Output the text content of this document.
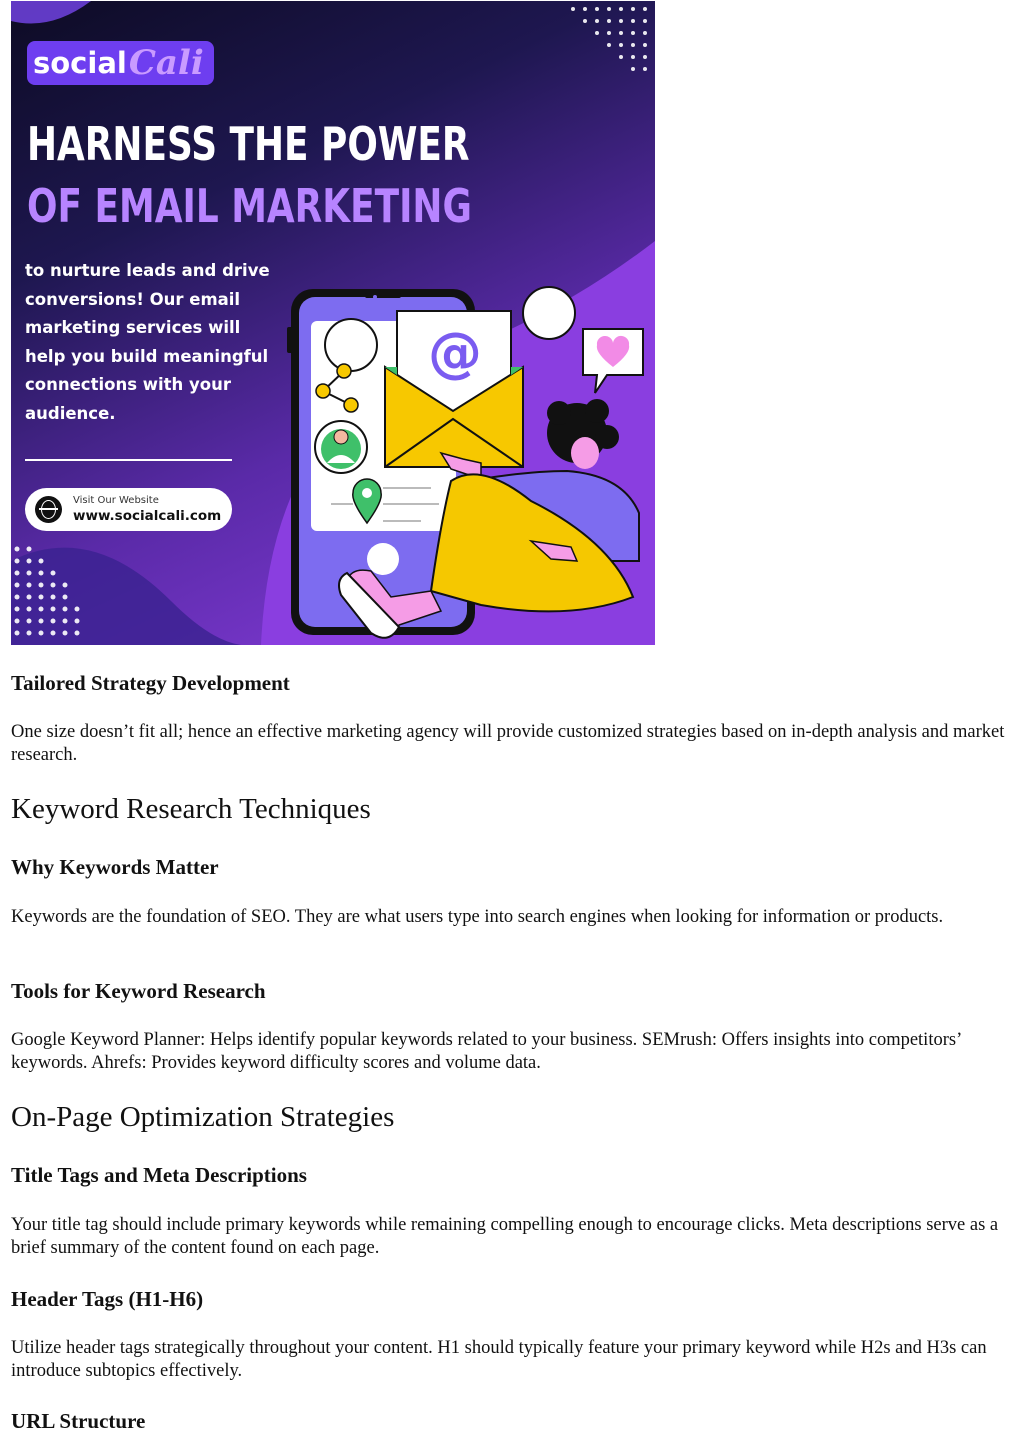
social Cali
HARNESS THE POWER
OF EMAIL MARKETING
to nurture leads and drive
conversions! Our email
marketing services will
help you build meaningful
connections with your
audience.
Visit Our Website
www.socialcali.com
@
Tailored Strategy Development

One size doesn’t fit all; hence an effective marketing agency will provide customized strategies based on in-depth analysis and market research.

Keyword Research Techniques
Why Keywords Matter

Keywords are the foundation of SEO. They are what users type into search engines when looking for information or products.

Tools for Keyword Research

Google Keyword Planner: Helps identify popular keywords related to your business. SEMrush: Offers insights into competitors’ keywords. Ahrefs: Provides keyword difficulty scores and volume data.

On-Page Optimization Strategies
Title Tags and Meta Descriptions

Your title tag should include primary keywords while remaining compelling enough to encourage clicks. Meta descriptions serve as a brief summary of the content found on each page.

Header Tags (H1-H6)

Utilize header tags strategically throughout your content. H1 should typically feature your primary keyword while H2s and H3s can introduce subtopics effectively.

URL Structure
